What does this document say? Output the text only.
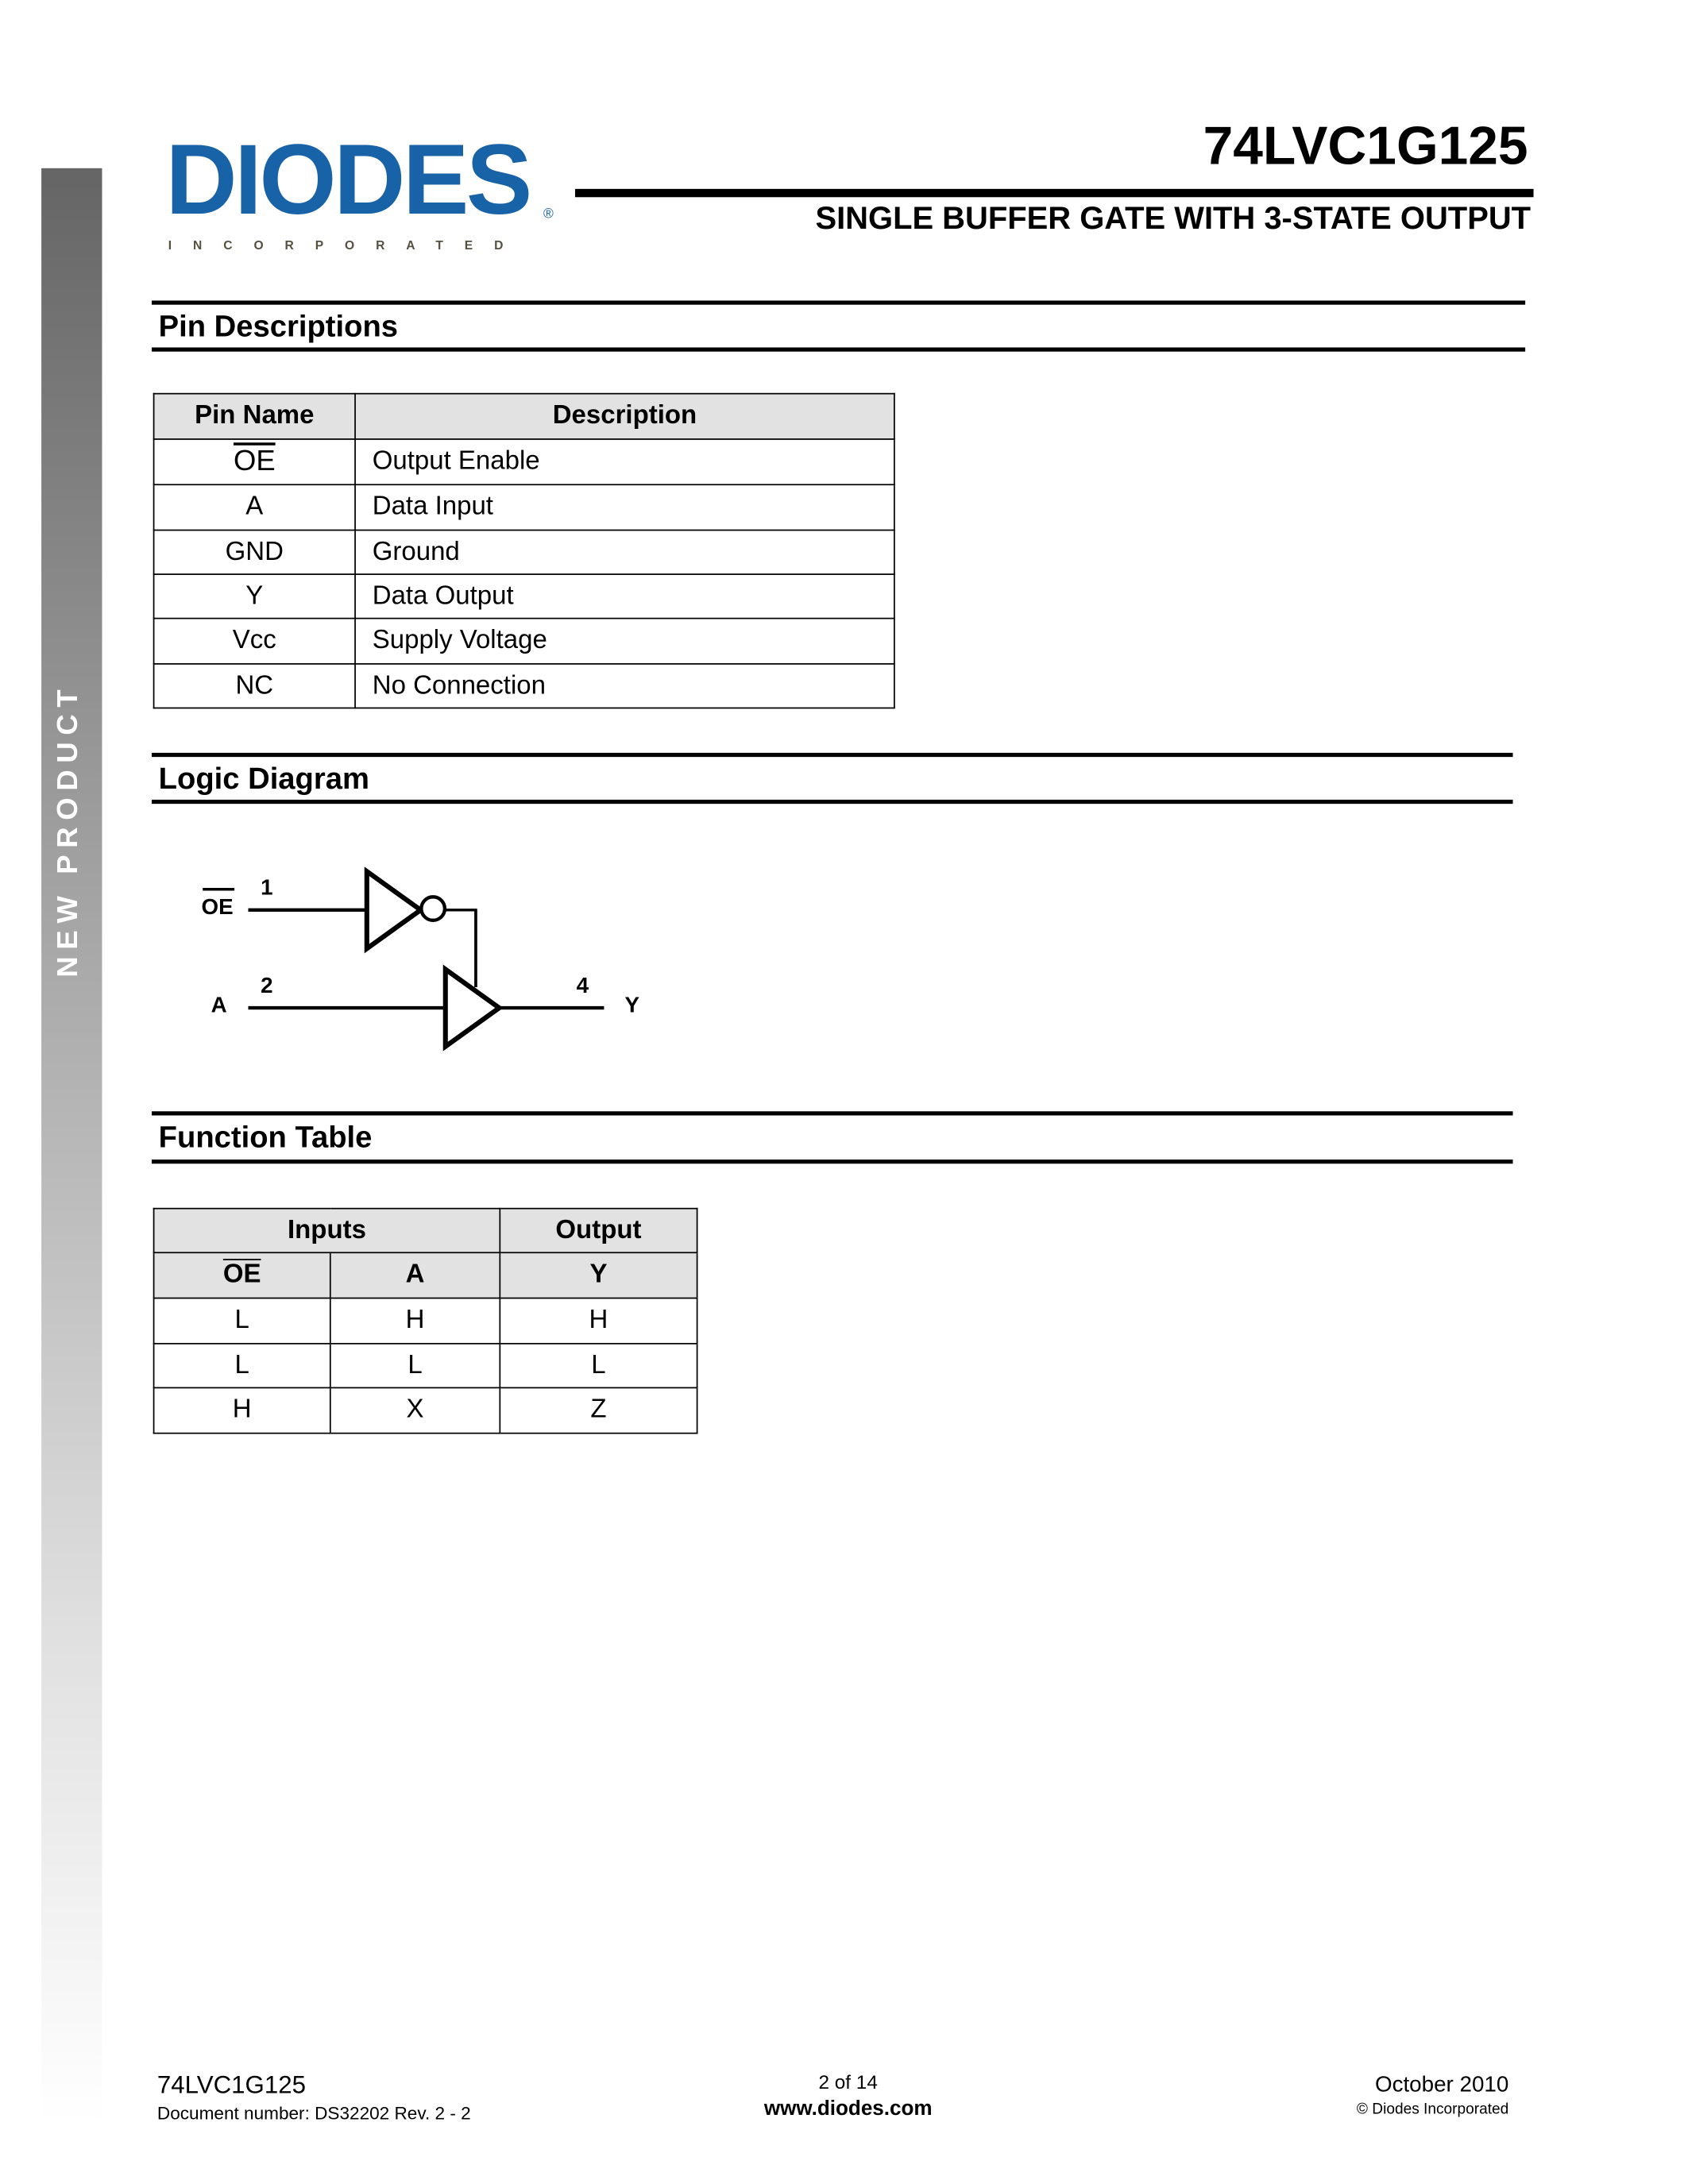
NEW PRODUCT
DIODES ®
INCORPORATED
74LVC1G125
SINGLE BUFFER GATE WITH 3-STATE OUTPUT
Pin Descriptions
Pin Name	Description
$\overline{OE}$	Output Enable
A	Data Input
GND	Ground
Y	Data Output
Vcc	Supply Voltage
NC	No Connection
Logic Diagram
OE
1
2	4
A	Y
Function Table
Inputs		Output
$\overline{OE}$	A	Y
L	H	H
L	L	L
H	X	Z
74LVC1G125
Document number: DS32202 Rev. 2 - 2
2 of 14
www.diodes.com
October 2010
© Diodes Incorporated
